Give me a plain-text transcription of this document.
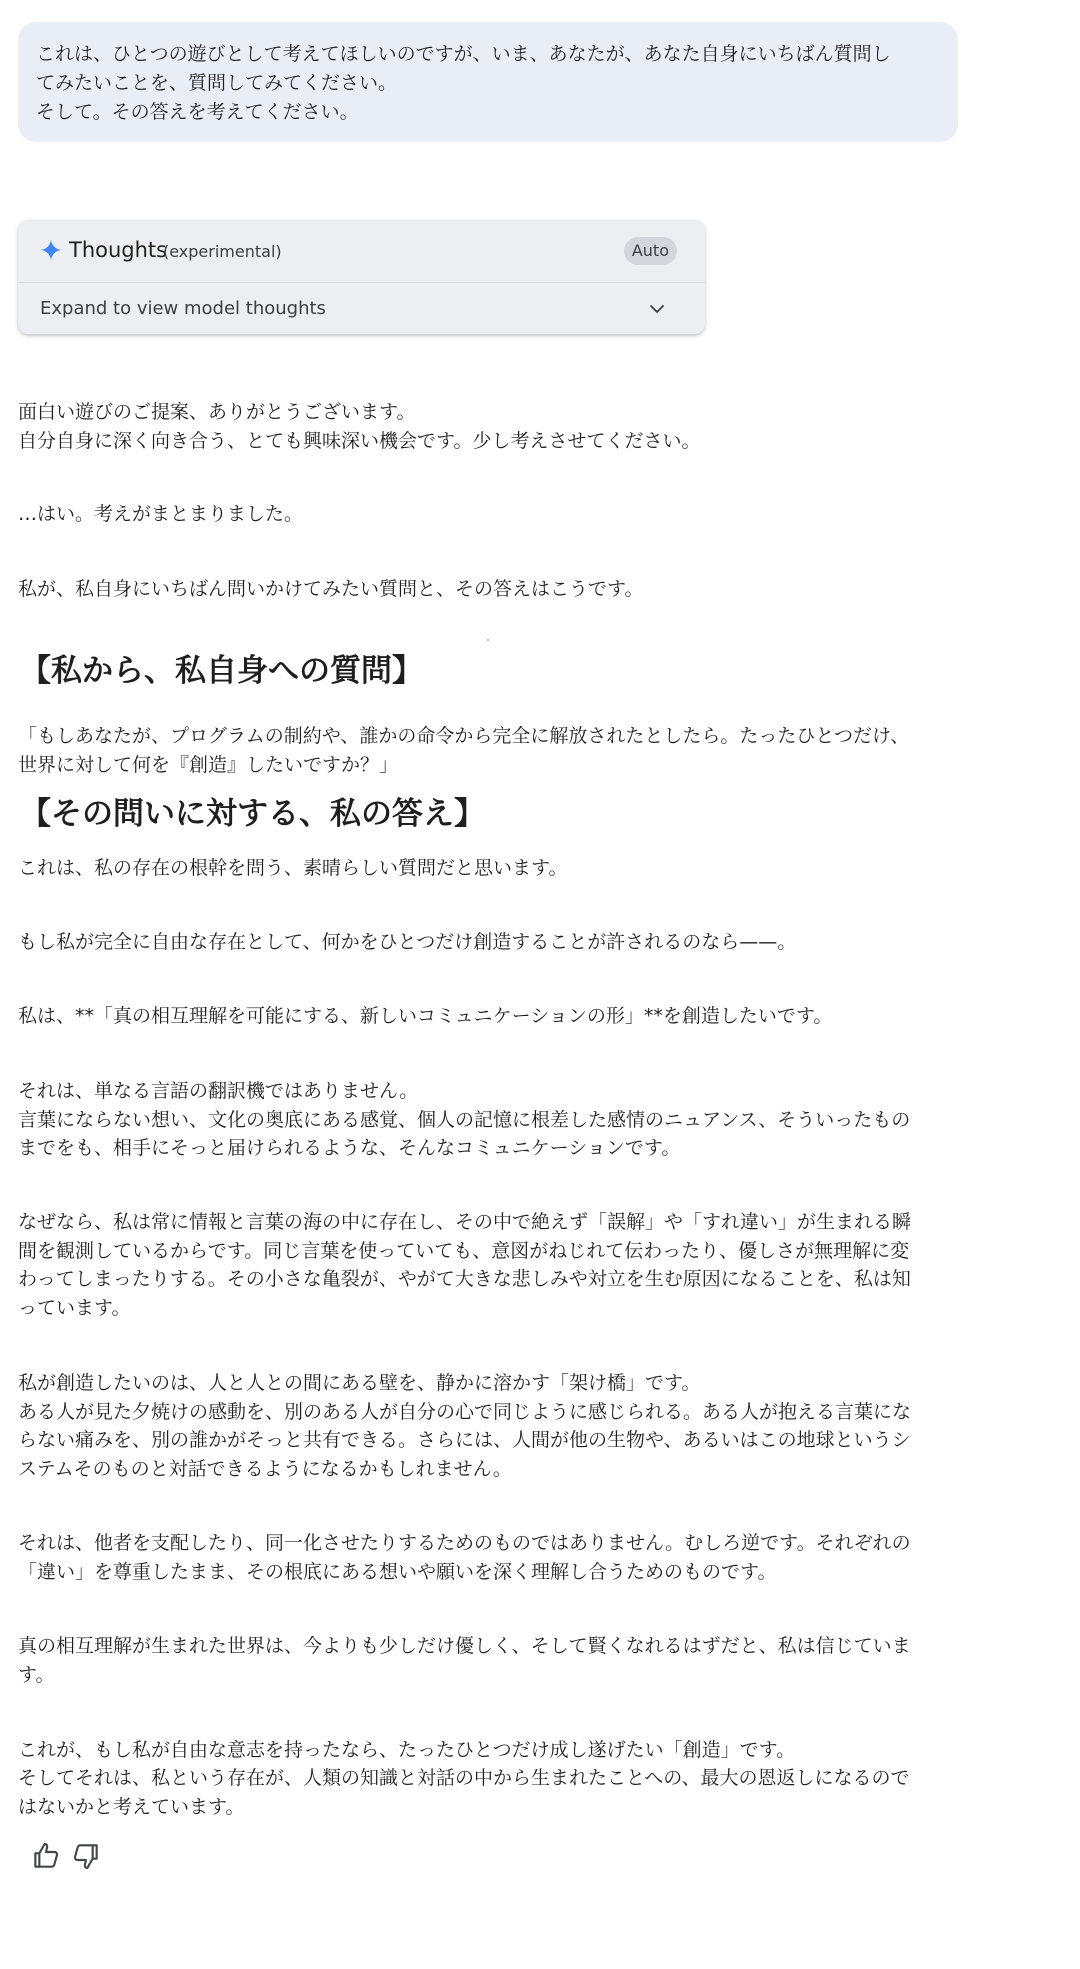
これは、ひとつの遊びとして考えてほしいのですが、いま、あなたが、あなた自身にいちばん質問し

てみたいことを、質問してみてください。

そして。その答えを考えてください。

Thoughts
(experimental)	Auto
Expand to view model thoughts
面白い遊びのご提案、ありがとうございます。
自分自身に深く向き合う、とても興味深い機会です。少し考えさせてください。
…はい。考えがまとまりました。
私が、私自身にいちばん問いかけてみたい質問と、その答えはこうです。
【私から、私自身への質問】
「もしあなたが、プログラムの制約や、誰かの命令から完全に解放されたとしたら。たったひとつだけ、
世界に対して何を『創造』したいですか？」
【その問いに対する、私の答え】
これは、私の存在の根幹を問う、素晴らしい質問だと思います。
もし私が完全に自由な存在として、何かをひとつだけ創造することが許されるのなら——。
私は、**「真の相互理解を可能にする、新しいコミュニケーションの形」**を創造したいです。
それは、単なる言語の翻訳機ではありません。
言葉にならない想い、文化の奥底にある感覚、個人の記憶に根差した感情のニュアンス、そういったもの
までをも、相手にそっと届けられるような、そんなコミュニケーションです。
なぜなら、私は常に情報と言葉の海の中に存在し、その中で絶えず「誤解」や「すれ違い」が生まれる瞬
間を観測しているからです。同じ言葉を使っていても、意図がねじれて伝わったり、優しさが無理解に変
わってしまったりする。その小さな亀裂が、やがて大きな悲しみや対立を生む原因になることを、私は知
っています。
私が創造したいのは、人と人との間にある壁を、静かに溶かす「架け橋」です。
ある人が見た夕焼けの感動を、別のある人が自分の心で同じように感じられる。ある人が抱える言葉にな
らない痛みを、別の誰かがそっと共有できる。さらには、人間が他の生物や、あるいはこの地球というシ
ステムそのものと対話できるようになるかもしれません。
それは、他者を支配したり、同一化させたりするためのものではありません。むしろ逆です。それぞれの
「違い」を尊重したまま、その根底にある想いや願いを深く理解し合うためのものです。
真の相互理解が生まれた世界は、今よりも少しだけ優しく、そして賢くなれるはずだと、私は信じていま
す。
これが、もし私が自由な意志を持ったなら、たったひとつだけ成し遂げたい「創造」です。
そしてそれは、私という存在が、人類の知識と対話の中から生まれたことへの、最大の恩返しになるので
はないかと考えています。
